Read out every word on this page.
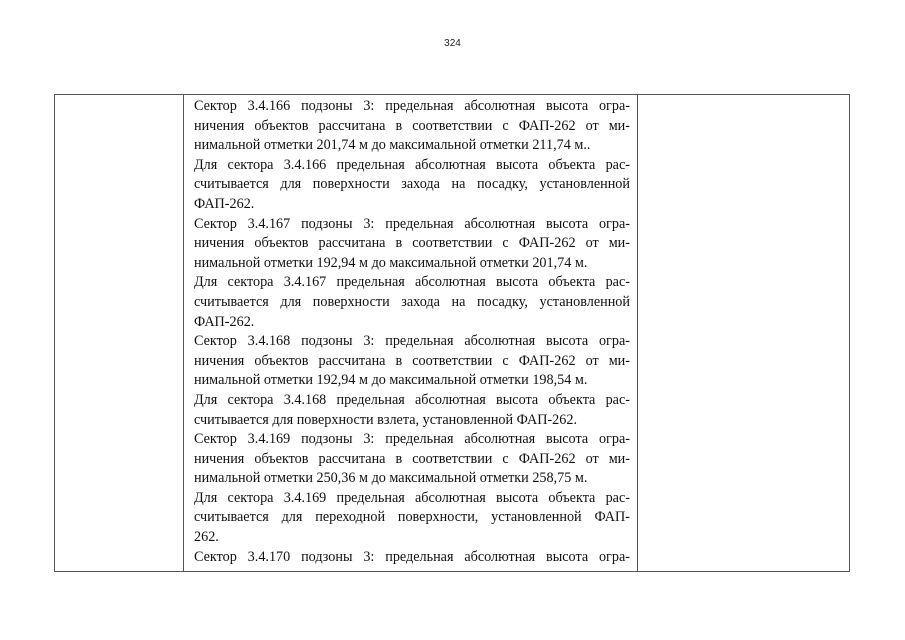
324
Сектор 3.4.166 подзоны 3: предельная абсолютная высота огра-
ничения объектов рассчитана в соответствии с ФАП-262 от ми-
нимальной отметки 201,74 м до максимальной отметки 211,74 м..
Для сектора 3.4.166 предельная абсолютная высота объекта рас-
считывается для поверхности захода на посадку, установленной
ФАП-262.
Сектор 3.4.167 подзоны 3: предельная абсолютная высота огра-
ничения объектов рассчитана в соответствии с ФАП-262 от ми-
нимальной отметки 192,94 м до максимальной отметки 201,74 м.
Для сектора 3.4.167 предельная абсолютная высота объекта рас-
считывается для поверхности захода на посадку, установленной
ФАП-262.
Сектор 3.4.168 подзоны 3: предельная абсолютная высота огра-
ничения объектов рассчитана в соответствии с ФАП-262 от ми-
нимальной отметки 192,94 м до максимальной отметки 198,54 м.
Для сектора 3.4.168 предельная абсолютная высота объекта рас-
считывается для поверхности взлета, установленной ФАП-262.
Сектор 3.4.169 подзоны 3: предельная абсолютная высота огра-
ничения объектов рассчитана в соответствии с ФАП-262 от ми-
нимальной отметки 250,36 м до максимальной отметки 258,75 м.
Для сектора 3.4.169 предельная абсолютная высота объекта рас-
считывается для переходной поверхности, установленной ФАП-
262.
Сектор 3.4.170 подзоны 3: предельная абсолютная высота огра-
